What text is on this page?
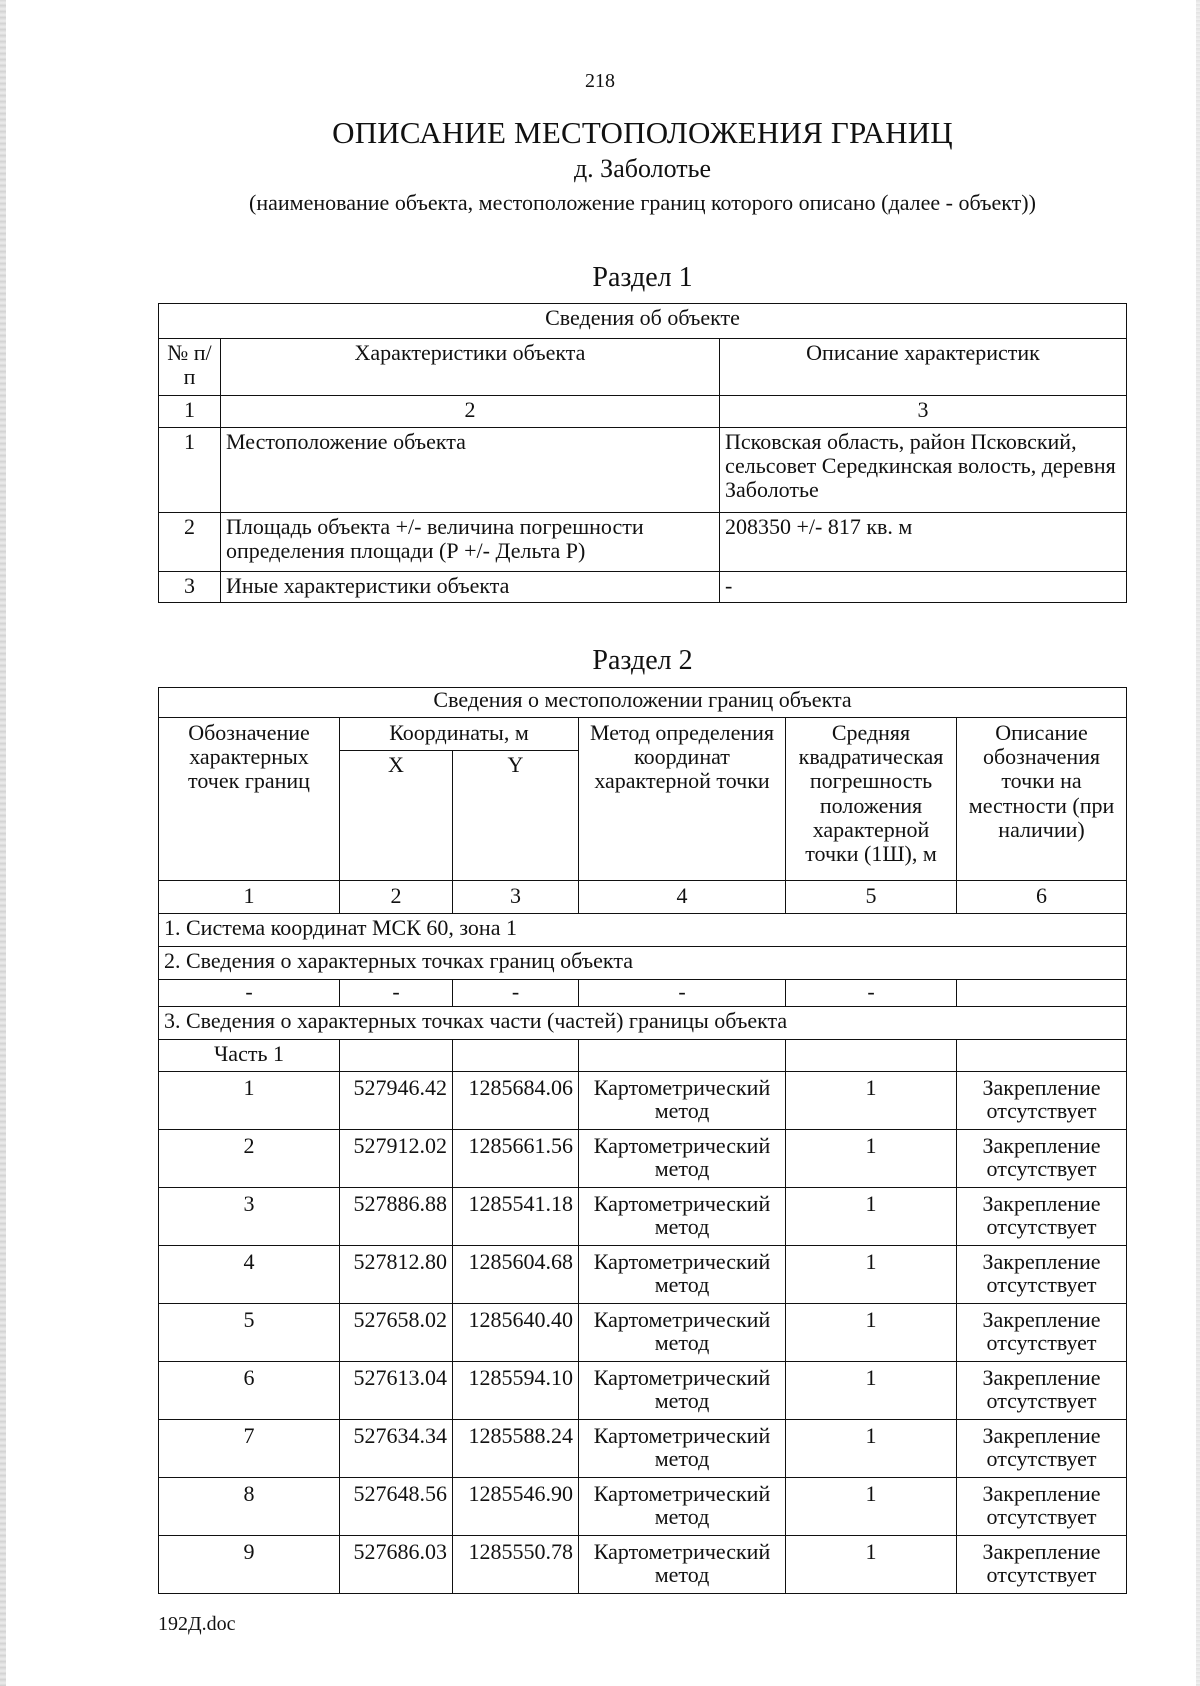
218
ОПИСАНИЕ МЕСТОПОЛОЖЕНИЯ ГРАНИЦ
д. Заболотье
(наименование объекта, местоположение границ которого описано (далее - объект))
Раздел 1
Сведения об объекте		
№ п/п	Характеристики объекта	Описание характеристик
1	2	3
1	Местоположение объекта	Псковская область, район Псковский, сельсовет Середкинская волость, деревня Заболотье
2	Площадь объекта +/- величина погрешности определения площади (Р +/- Дельта Р)	208350 +/- 817 кв. м
3	Иные характеристики объекта	-
Раздел 2
Сведения о местоположении границ объекта					
Обозначение характерных точек границ	Координаты, м		Метод определения координат характерной точки	Средняя квадратическая погрешность положения характерной точки (1Ш), м	Описание обозначения точки на местности (при наличии)
	X	Y			
1	2	3	4	5	6
1. Система координат МСК 60, зона 1					
2. Сведения о характерных точках границ объекта					
-	-	-	-	-	
3. Сведения о характерных точках части (частей) границы объекта					
Часть 1					
1	527946.42	1285684.06	Картометрический метод	1	Закрепление отсутствует
2	527912.02	1285661.56	Картометрический метод	1	Закрепление отсутствует
3	527886.88	1285541.18	Картометрический метод	1	Закрепление отсутствует
4	527812.80	1285604.68	Картометрический метод	1	Закрепление отсутствует
5	527658.02	1285640.40	Картометрический метод	1	Закрепление отсутствует
6	527613.04	1285594.10	Картометрический метод	1	Закрепление отсутствует
7	527634.34	1285588.24	Картометрический метод	1	Закрепление отсутствует
8	527648.56	1285546.90	Картометрический метод	1	Закрепление отсутствует
9	527686.03	1285550.78	Картометрический метод	1	Закрепление отсутствует
192Д.doc
